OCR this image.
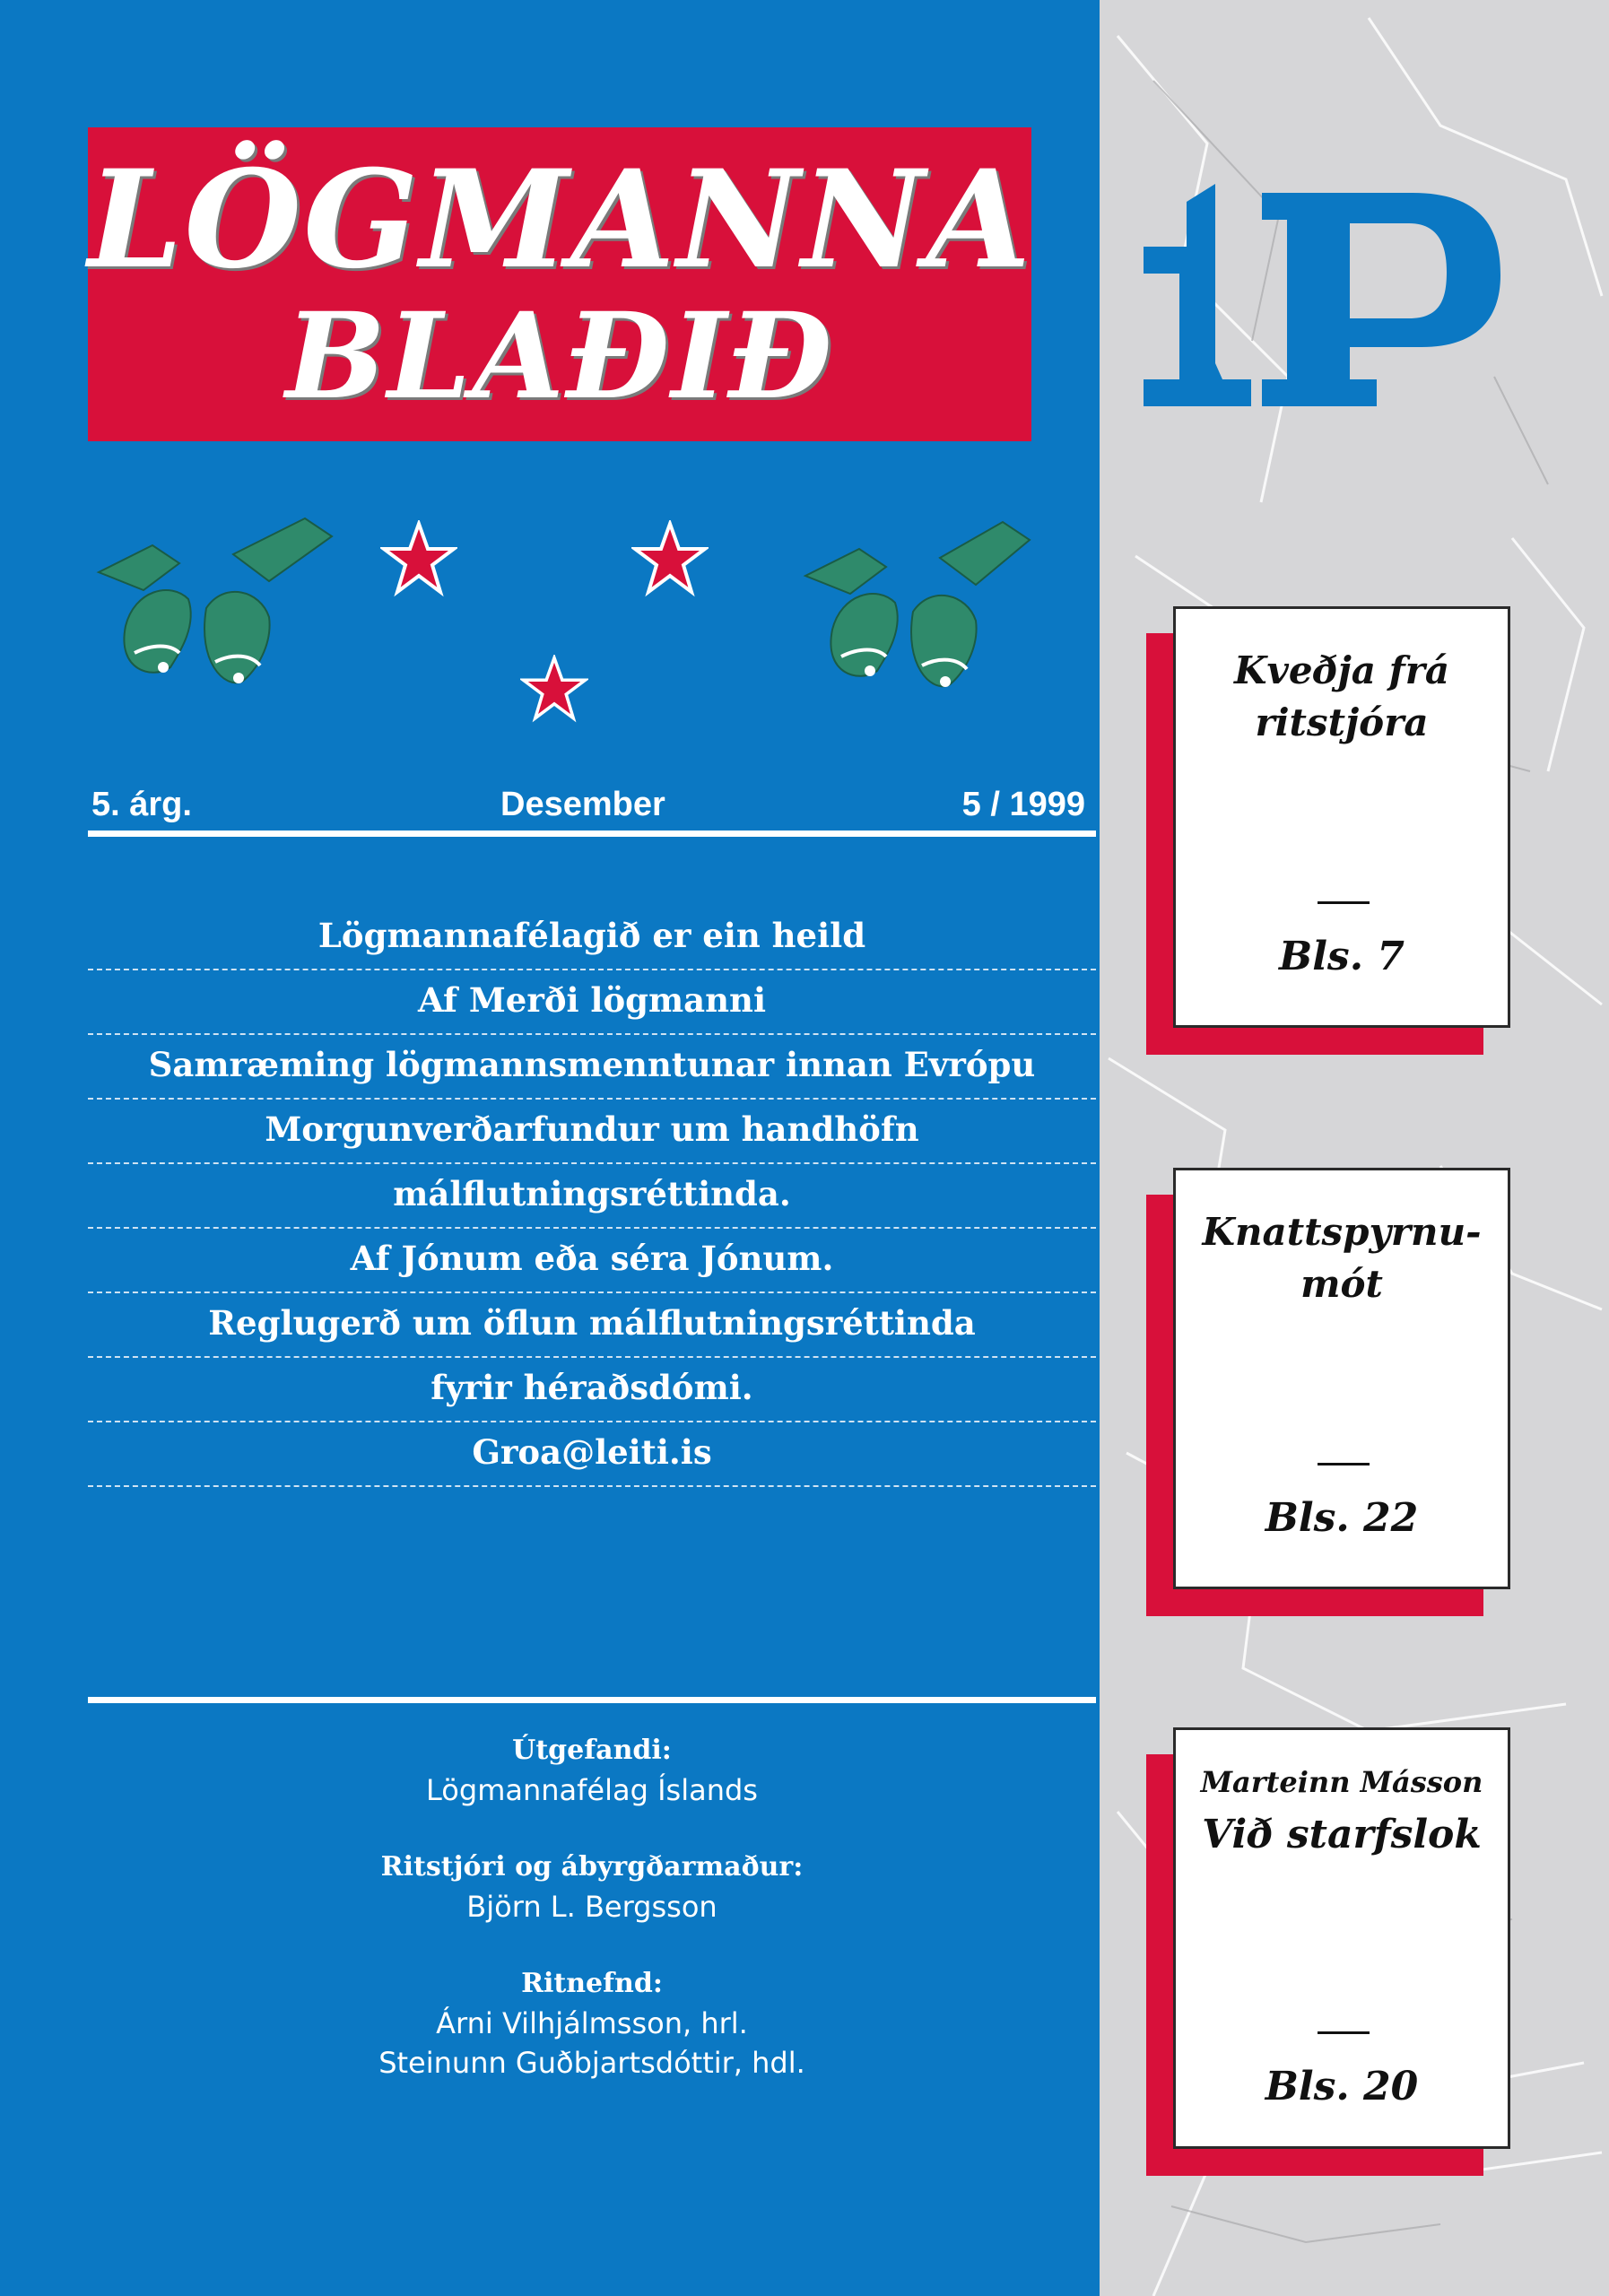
LÖGMANNA
BLAÐIÐ
5. árg.	Desember	5 / 1999
Lögmannafélagið er ein heild
Af Merði lögmanni
Samræming lögmannsmenntunar innan Evrópu
Morgunverðarfundur um handhöfn
málflutningsréttinda.
Af Jónum eða séra Jónum.
Reglugerð um öflun málflutningsréttinda
fyrir héraðsdómi.
Groa@leiti.is
Útgefandi:
Lögmannafélag Íslands
Ritstjóri og ábyrgðarmaður:
Björn L. Bergsson
Ritnefnd:
Árni Vilhjálmsson, hrl.
Steinunn Guðbjartsdóttir, hdl.
Kveðja frá
ritstjóra
Bls. 7
Knattspyrnu-
mót
Bls. 22
Marteinn Másson
Við starfslok
Bls. 20
